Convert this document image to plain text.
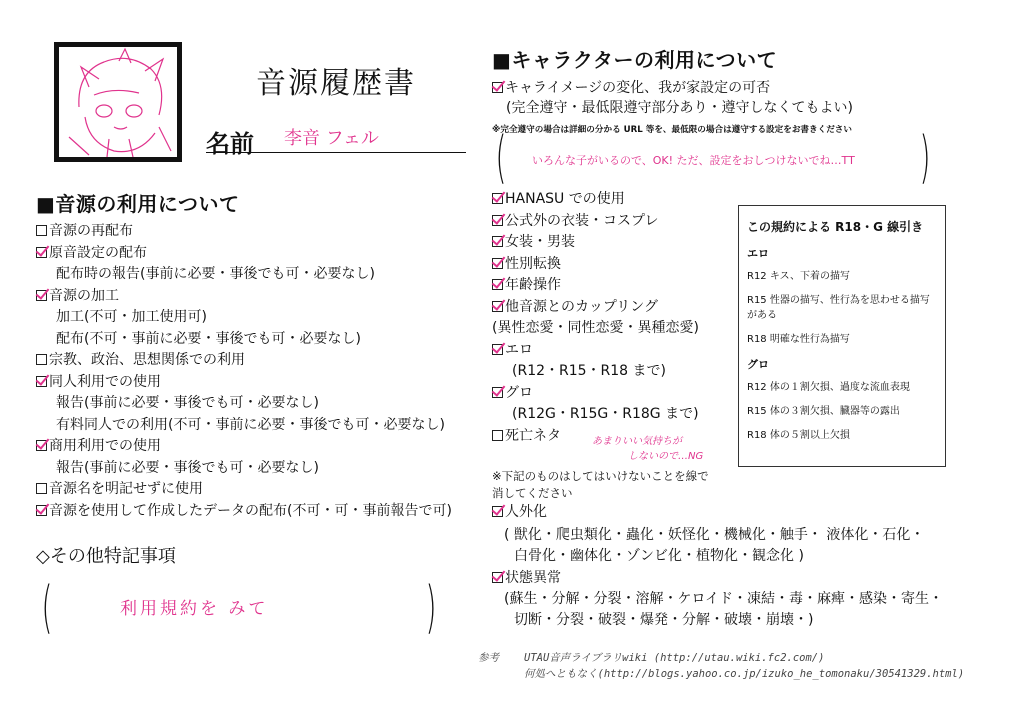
音源履歴書
名前 李音 フェル
■音源の利用について
音源の再配布
原音設定の配布
配布時の報告(事前に必要・事後でも可・必要なし)
音源の加工
加工(不可・加工使用可)
配布(不可・事前に必要・事後でも可・必要なし)
宗教、政治、思想関係での利用
同人利用での使用
報告(事前に必要・事後でも可・必要なし)
有料同人での利用(不可・事前に必要・事後でも可・必要なし)
商用利用での使用
報告(事前に必要・事後でも可・必要なし)
音源名を明記せずに使用
音源を使用して作成したデータの配布(不可・可・事前報告で可)
◇その他特記事項
(	)
利用規約を みて
■キャラクターの利用について
キャライメージの変化、我が家設定の可否
(完全遵守・最低限遵守部分あり・遵守しなくてもよい)
※完全遵守の場合は詳細の分かる URL 等を、最低限の場合は遵守する設定をお書きください
(	)
いろんな子がいるので、OK! ただ、設定をおしつけないでね…TT
HANASU での使用
公式外の衣装・コスプレ
女装・男装
性別転換
年齢操作
他音源とのカップリング
(異性恋愛・同性恋愛・異種恋愛)
エロ
(R12・R15・R18 まで)
グロ
(R12G・R15G・R18G まで)
死亡ネタ	あまりいい気持ちが
しないので…NG
※下記のものはしてはいけないことを線で
消してください
人外化
( 獣化・爬虫類化・蟲化・妖怪化・機械化・触手・ 液体化・石化・
白骨化・幽体化・ゾンビ化・植物化・観念化 )
状態異常
(蘇生・分解・分裂・溶解・ケロイド・凍結・毒・麻痺・感染・寄生・
切断・分裂・破裂・爆発・分解・破壊・崩壊・)
この規約による R18・G 線引き
エロ
R12 キス、下着の描写
R15 性器の描写、性行為を思わせる描写がある
R18 明確な性行為描写
グロ
R12 体の１割欠損、過度な流血表現
R15 体の３割欠損、臓器等の露出
R18 体の５割以上欠損
参考 UTAU音声ライブラリwiki (http://utau.wiki.fc2.com/)
何処へともなく(http://blogs.yahoo.co.jp/izuko_he_tomonaku/30541329.html)
